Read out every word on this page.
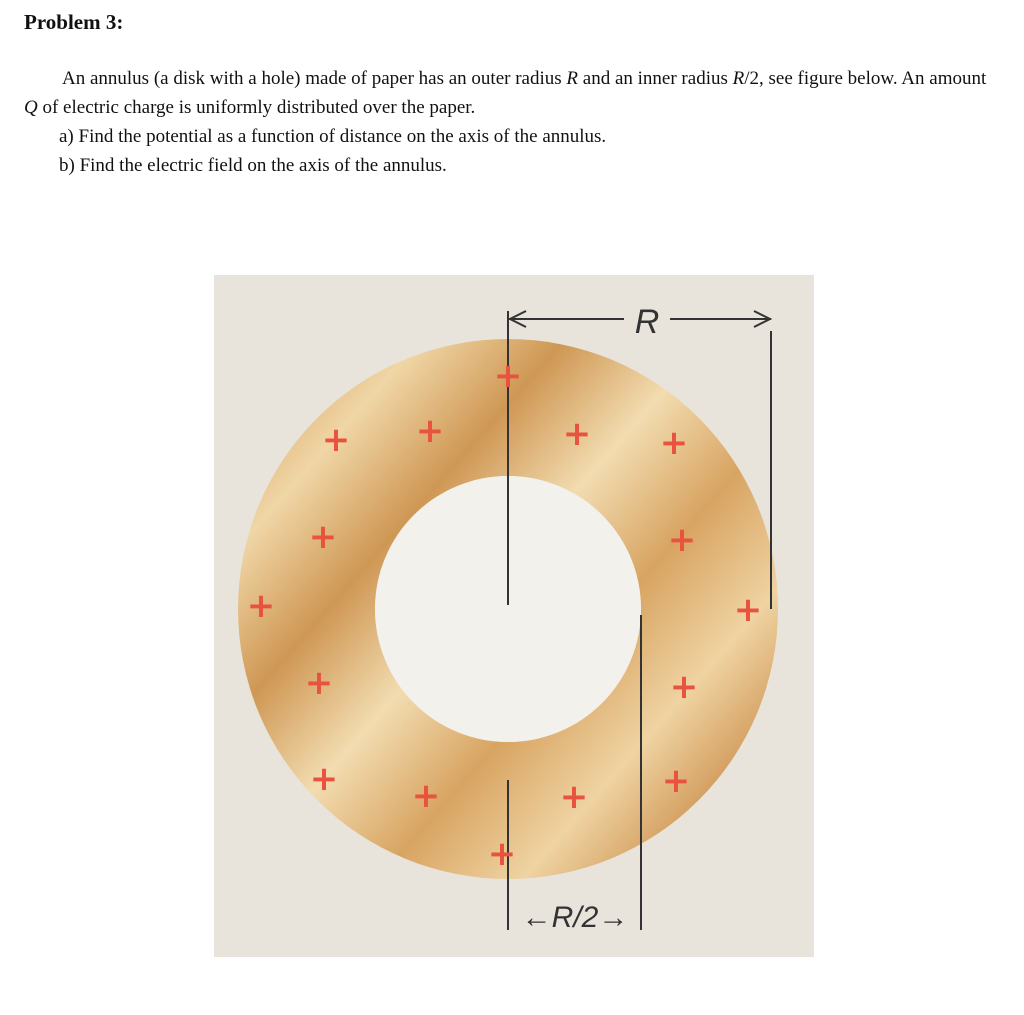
Problem 3:

An annulus (a disk with a hole) made of paper has an outer radius R and an inner radius R/2, see figure below. An amount Q of electric charge is uniformly distributed over the paper.

a) Find the potential as a function of distance on the axis of the annulus.

b) Find the electric field on the axis of the annulus.

R
←R/2→
+
+ +	+ +
+	+
+	+
+	+
+ +	+ +
+
